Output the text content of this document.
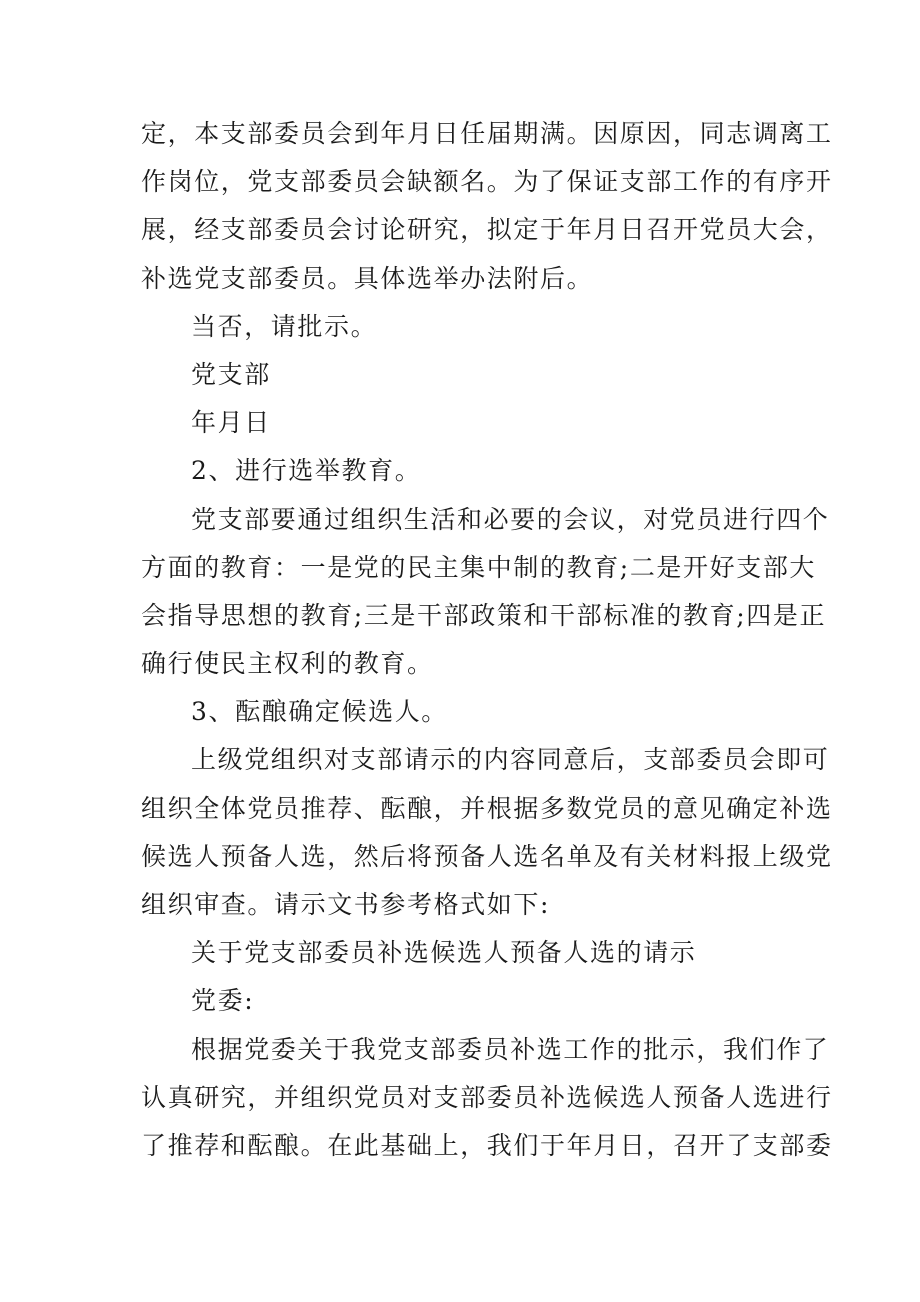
定，本支部委员会到年月日任届期满。因原因，同志调离工
作岗位，党支部委员会缺额名。为了保证支部工作的有序开
展，经支部委员会讨论研究，拟定于年月日召开党员大会，
补选党支部委员。具体选举办法附后。
当否，请批示。
党支部
年月日
2、进行选举教育。
党支部要通过组织生活和必要的会议，对党员进行四个
方面的教育：一是党的民主集中制的教育;二是开好支部大
会指导思想的教育;三是干部政策和干部标准的教育;四是正
确行使民主权利的教育。
3、酝酿确定候选人。
上级党组织对支部请示的内容同意后，支部委员会即可
组织全体党员推荐、酝酿，并根据多数党员的意见确定补选
候选人预备人选，然后将预备人选名单及有关材料报上级党
组织审查。请示文书参考格式如下:
关于党支部委员补选候选人预备人选的请示
党委:
根据党委关于我党支部委员补选工作的批示，我们作了
认真研究，并组织党员对支部委员补选候选人预备人选进行
了推荐和酝酿。在此基础上，我们于年月日，召开了支部委
